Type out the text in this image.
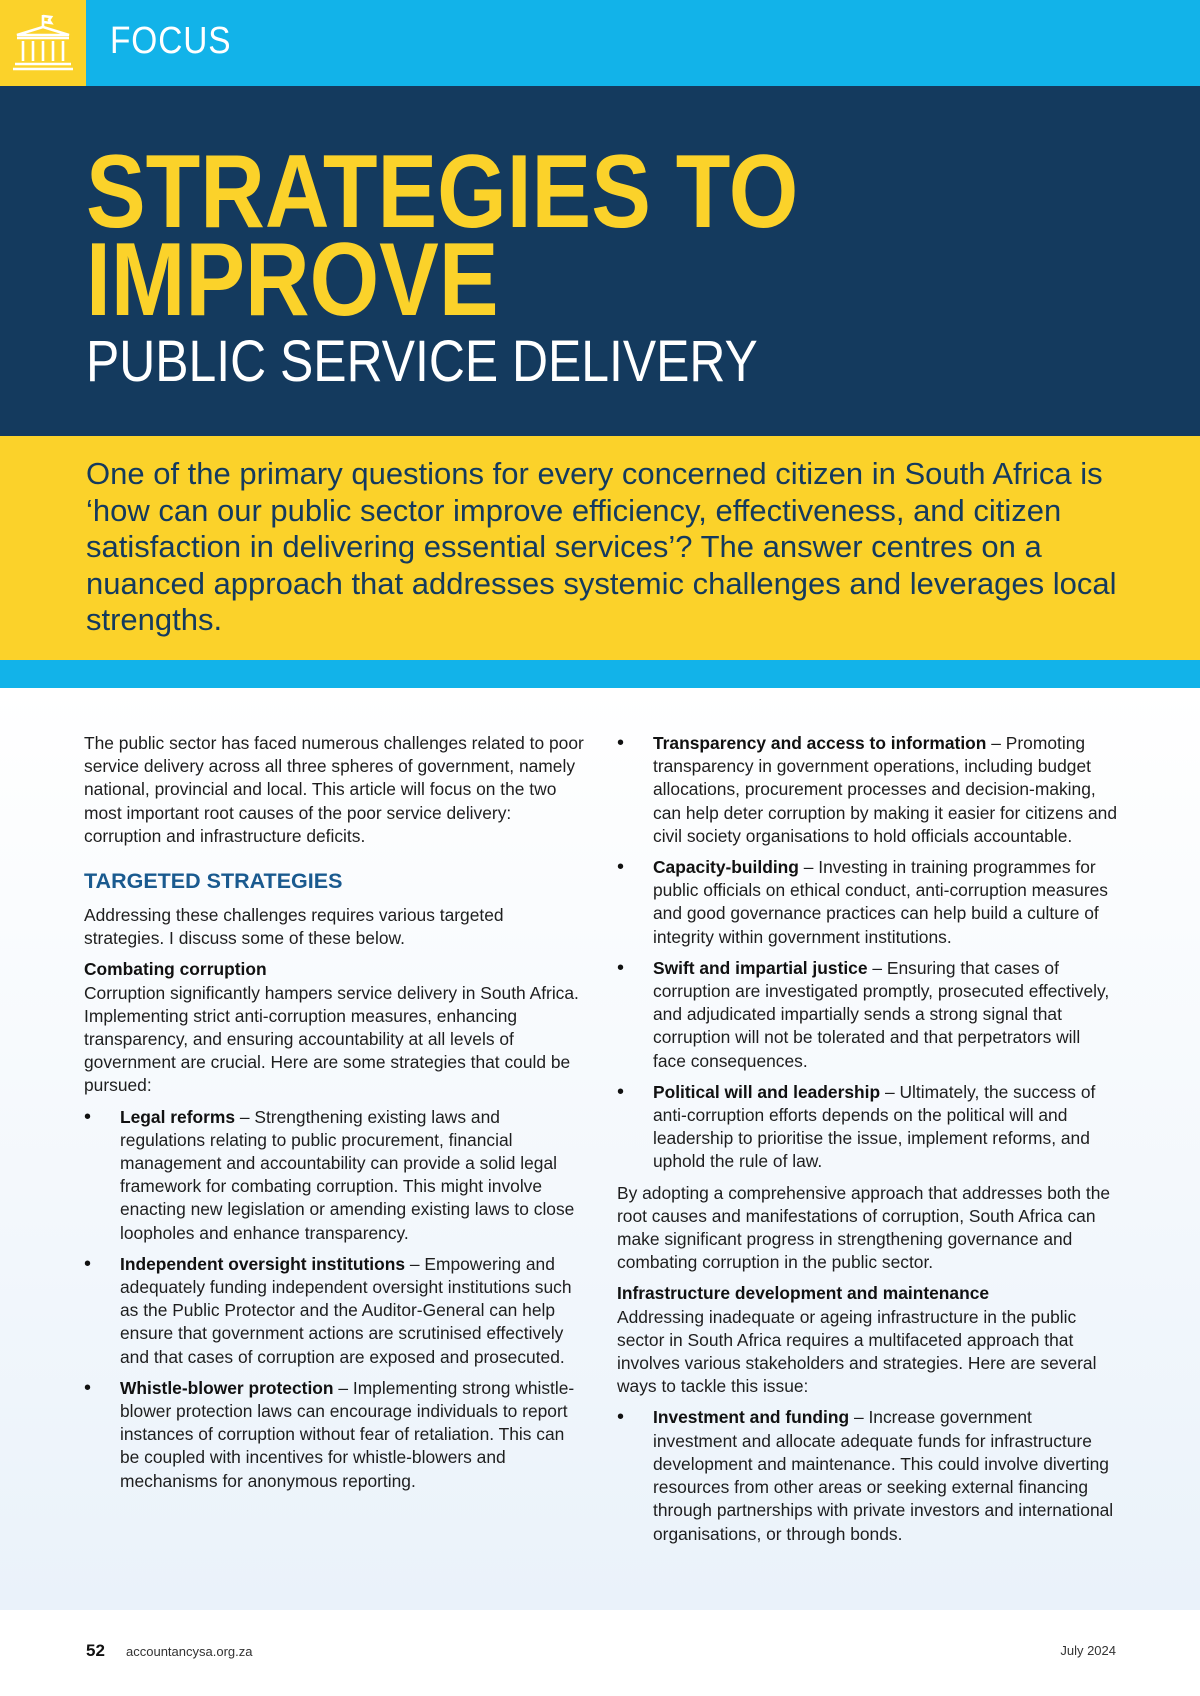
FOCUS
STRATEGIES TO
IMPROVE
PUBLIC SERVICE DELIVERY

One of the primary questions for every concerned citizen in South Africa is ‘how can our public sector improve efficiency, effectiveness, and citizen satisfaction in delivering essential services’? The answer centres on a nuanced approach that addresses systemic challenges and leverages local strengths.

The public sector has faced numerous challenges related to poor service delivery across all three spheres of government, namely national, provincial and local. This article will focus on the two most important root causes of the poor service delivery: corruption and infrastructure deficits.

TARGETED STRATEGIES

Addressing these challenges requires various targeted strategies. I discuss some of these below.

Combating corruption

Corruption significantly hampers service delivery in South Africa. Implementing strict anti-corruption measures, enhancing transparency, and ensuring accountability at all levels of government are crucial. Here are some strategies that could be pursued:

• Legal reforms – Strengthening existing laws and regulations relating to public procurement, financial management and accountability can provide a solid legal framework for combating corruption. This might involve enacting new legislation or amending existing laws to close loopholes and enhance transparency.
• Independent oversight institutions – Empowering and adequately funding independent oversight institutions such as the Public Protector and the Auditor-General can help ensure that government actions are scrutinised effectively and that cases of corruption are exposed and prosecuted.
• Whistle-blower protection – Implementing strong whistle-blower protection laws can encourage individuals to report instances of corruption without fear of retaliation. This can be coupled with incentives for whistle-blowers and mechanisms for anonymous reporting.
• Transparency and access to information – Promoting transparency in government operations, including budget allocations, procurement processes and decision-making, can help deter corruption by making it easier for citizens and civil society organisations to hold officials accountable.
• Capacity-building – Investing in training programmes for public officials on ethical conduct, anti-corruption measures and good governance practices can help build a culture of integrity within government institutions.
• Swift and impartial justice – Ensuring that cases of corruption are investigated promptly, prosecuted effectively, and adjudicated impartially sends a strong signal that corruption will not be tolerated and that perpetrators will face consequences.
• Political will and leadership – Ultimately, the success of anti-corruption efforts depends on the political will and leadership to prioritise the issue, implement reforms, and uphold the rule of law.

By adopting a comprehensive approach that addresses both the root causes and manifestations of corruption, South Africa can make significant progress in strengthening governance and combating corruption in the public sector.

Infrastructure development and maintenance

Addressing inadequate or ageing infrastructure in the public sector in South Africa requires a multifaceted approach that involves various stakeholders and strategies. Here are several ways to tackle this issue:

• Investment and funding – Increase government investment and allocate adequate funds for infrastructure development and maintenance. This could involve diverting resources from other areas or seeking external financing through partnerships with private investors and international organisations, or through bonds.
52 accountancysa.org.za	July 2024
